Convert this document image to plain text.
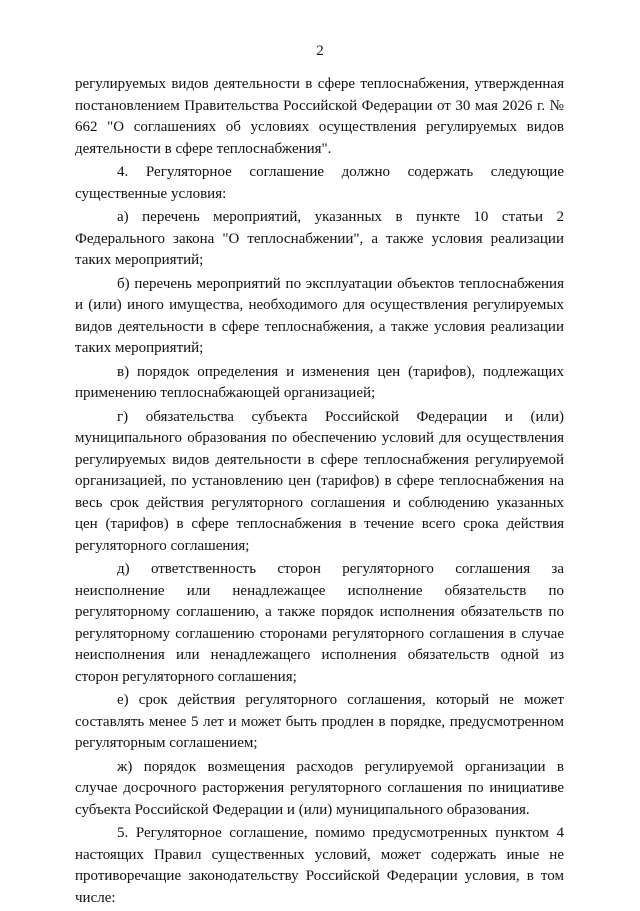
2

регулируемых видов деятельности в сфере теплоснабжения, утвержденная постановлением Правительства Российской Федерации от 30 мая 2026 г. № 662 "О соглашениях об условиях осуществления регулируемых видов деятельности в сфере теплоснабжения".

4. Регуляторное соглашение должно содержать следующие существенные условия:

а) перечень мероприятий, указанных в пункте 10 статьи 2 Федерального закона "О теплоснабжении", а также условия реализации таких мероприятий;

б) перечень мероприятий по эксплуатации объектов теплоснабжения и (или) иного имущества, необходимого для осуществления регулируемых видов деятельности в сфере теплоснабжения, а также условия реализации таких мероприятий;

в) порядок определения и изменения цен (тарифов), подлежащих применению теплоснабжающей организацией;

г) обязательства субъекта Российской Федерации и (или) муниципального образования по обеспечению условий для осуществления регулируемых видов деятельности в сфере теплоснабжения регулируемой организацией, по установлению цен (тарифов) в сфере теплоснабжения на весь срок действия регуляторного соглашения и соблюдению указанных цен (тарифов) в сфере теплоснабжения в течение всего срока действия регуляторного соглашения;

д) ответственность сторон регуляторного соглашения за неисполнение или ненадлежащее исполнение обязательств по регуляторному соглашению, а также порядок исполнения обязательств по регуляторному соглашению сторонами регуляторного соглашения в случае неисполнения или ненадлежащего исполнения обязательств одной из сторон регуляторного соглашения;

е) срок действия регуляторного соглашения, который не может составлять менее 5 лет и может быть продлен в порядке, предусмотренном регуляторным соглашением;

ж) порядок возмещения расходов регулируемой организации в случае досрочного расторжения регуляторного соглашения по инициативе субъекта Российской Федерации и (или) муниципального образования.

5. Регуляторное соглашение, помимо предусмотренных пунктом 4 настоящих Правил существенных условий, может содержать иные не противоречащие законодательству Российской Федерации условия, в том числе:
